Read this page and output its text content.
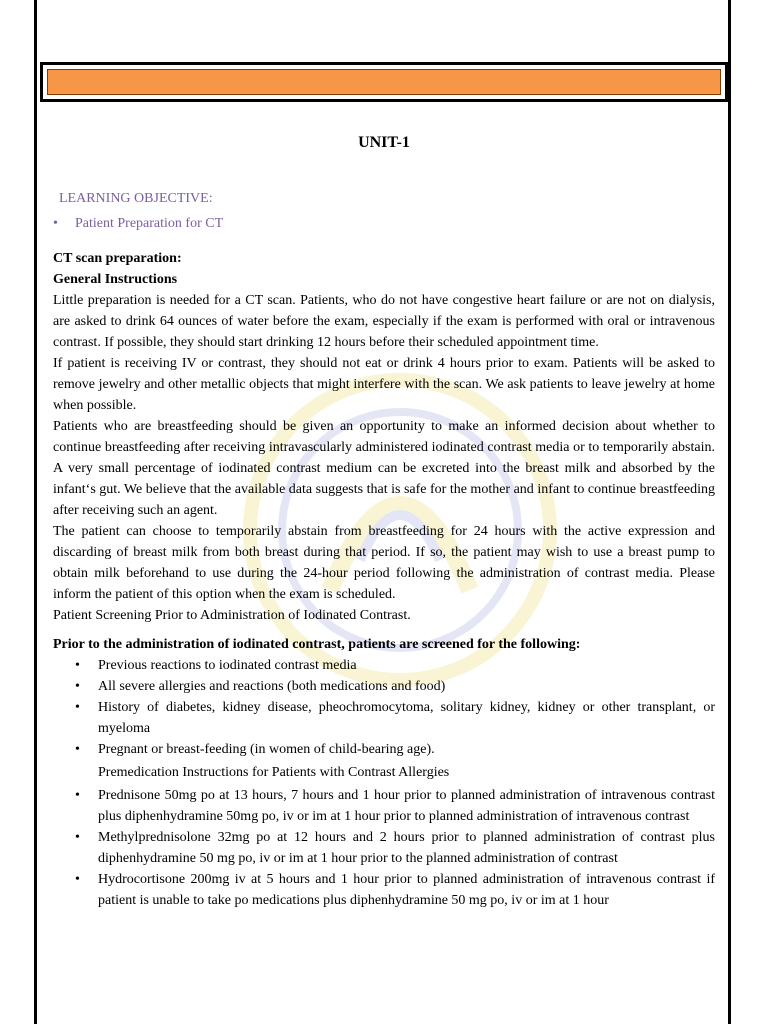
UNIT-1
LEARNING OBJECTIVE:
• Patient Preparation for CT

CT scan preparation:

General Instructions

Little preparation is needed for a CT scan. Patients, who do not have congestive heart failure or are not on dialysis, are asked to drink 64 ounces of water before the exam, especially if the exam is performed with oral or intravenous contrast. If possible, they should start drinking 12 hours before their scheduled appointment time.

If patient is receiving IV or contrast, they should not eat or drink 4 hours prior to exam. Patients will be asked to remove jewelry and other metallic objects that might interfere with the scan. We ask patients to leave jewelry at home when possible.

Patients who are breastfeeding should be given an opportunity to make an informed decision about whether to continue breastfeeding after receiving intravascularly administered iodinated contrast media or to temporarily abstain. A very small percentage of iodinated contrast medium can be excreted into the breast milk and absorbed by the infant‘s gut. We believe that the available data suggests that is safe for the mother and infant to continue breastfeeding after receiving such an agent.

The patient can choose to temporarily abstain from breastfeeding for 24 hours with the active expression and discarding of breast milk from both breast during that period. If so, the patient may wish to use a breast pump to obtain milk beforehand to use during the 24-hour period following the administration of contrast media. Please inform the patient of this option when the exam is scheduled.

Patient Screening Prior to Administration of Iodinated Contrast.

Prior to the administration of iodinated contrast, patients are screened for the following:

• Previous reactions to iodinated contrast media
• All severe allergies and reactions (both medications and food)
• History of diabetes, kidney disease, pheochromocytoma, solitary kidney, kidney or other transplant, or myeloma
• Pregnant or breast-feeding (in women of child-bearing age).
Premedication Instructions for Patients with Contrast Allergies
• Prednisone 50mg po at 13 hours, 7 hours and 1 hour prior to planned administration of intravenous contrast plus diphenhydramine 50mg po, iv or im at 1 hour prior to planned administration of intravenous contrast
• Methylprednisolone 32mg po at 12 hours and 2 hours prior to planned administration of contrast plus diphenhydramine 50 mg po, iv or im at 1 hour prior to the planned administration of contrast
• Hydrocortisone 200mg iv at 5 hours and 1 hour prior to planned administration of intravenous contrast if patient is unable to take po medications plus diphenhydramine 50 mg po, iv or im at 1 hour
